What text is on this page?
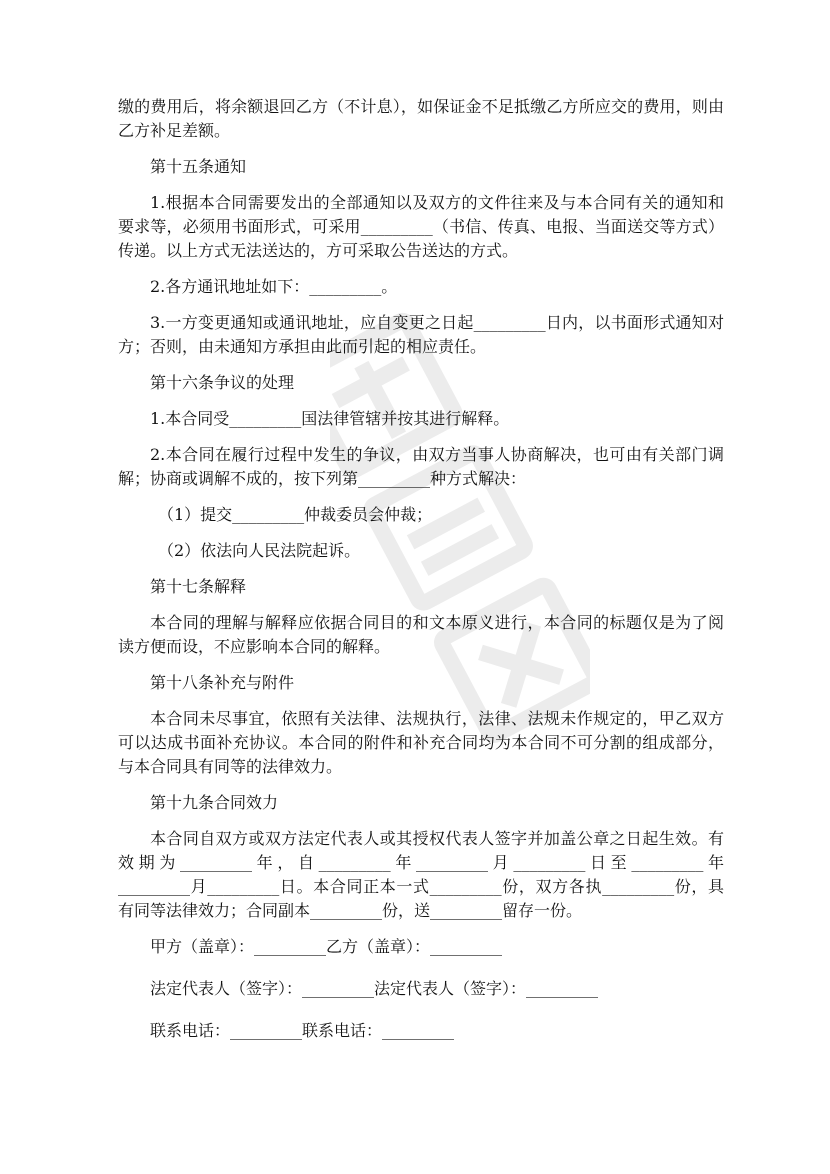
缴的费用后，将余额退回乙方（不计息），如保证金不足抵缴乙方所应交的费用，则由乙方补足差额。

第十五条通知

1.根据本合同需要发出的全部通知以及双方的文件往来及与本合同有关的通知和要求等，必须用书面形式，可采用_________（书信、传真、电报、当面送交等方式）传递。以上方式无法送达的，方可采取公告送达的方式。

2.各方通讯地址如下：_________。

3.一方变更通知或通讯地址，应自变更之日起_________日内，以书面形式通知对方；否则，由未通知方承担由此而引起的相应责任。

第十六条争议的处理

1.本合同受_________国法律管辖并按其进行解释。

2.本合同在履行过程中发生的争议，由双方当事人协商解决，也可由有关部门调解；协商或调解不成的，按下列第_________种方式解决：

（1）提交_________仲裁委员会仲裁；

（2）依法向人民法院起诉。

第十七条解释

本合同的理解与解释应依据合同目的和文本原义进行，本合同的标题仅是为了阅读方便而设，不应影响本合同的解释。

第十八条补充与附件

本合同未尽事宜，依照有关法律、法规执行，法律、法规未作规定的，甲乙双方可以达成书面补充协议。本合同的附件和补充合同均为本合同不可分割的组成部分，与本合同具有同等的法律效力。

第十九条合同效力

本合同自双方或双方法定代表人或其授权代表人签字并加盖公章之日起生效。有效期为_________年，自_________年_________月_________日至_________年_________月_________日。本合同正本一式_________份，双方各执_________份，具有同等法律效力；合同副本_________份，送_________留存一份。

甲方（盖章）：_________乙方（盖章）：_________

法定代表人（签字）：_________法定代表人（签字）：_________

联系电话：_________联系电话：_________
